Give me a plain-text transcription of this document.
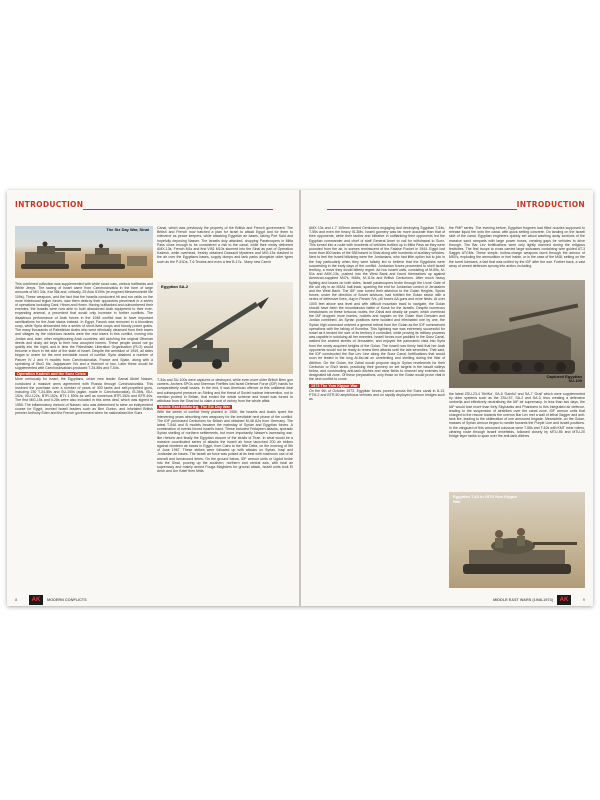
INTRODUCTION
The Six Day War, Sinai

This combined collection was supplemented with white scout cars, various halftracks and White Jeeps. The saving of Israel came from Czechoslovakia in the form of large amounts of MG 34s, Kar 98k and, critically, 25 Avia S199s (re-engined Messerschmitt Me 109s). These weapons, and the fact that the Israelis conducted hit and run raids on the more hidebound legion forces, saw them destroy their opponents piecemeal in a series of operations including Dani, Hiram and Horev. Having outflanked and outnumbered their enemies, the Israelis were now able to hold abandoned Arab equipment to their ever-expanding arsenal, a precedent that would only increase in further conflicts. The disastrous performance of Arab forces in the 1948 conflict was to have important ramifications for the Arab status instead. In Egypt, Farouk was removed in a bloodless coup, while Syria descended into a series of short-lived coups and bloody power grabs. The many thousands of Palestinian Arabs who were ethnically cleansed from their towns and villages by the victorious Israelis were the real losers in this conflict, moving into Jordan and, later, other neighbouring Arab countries, still clutching the original Ottoman deeds and dusty old keys to their now occupied homes. These people would not go quietly into the night, and in time the Palestinian Liberation Organisation (PLO) would become a thorn in the side of the state of Israel. Despite the armistice of 1949, all sides began to rearm for the next inevitable round of conflict. Syria obtained a number of Panzer IV J and H models from Czechoslovakia, France and Spain, along with a sprinkling of StuG IIIs, Jagdpanzer IVs and a Hummel or two. Later these would be supplemented with Czechoslovakian-produced T-34-85s and T-54s.

Operation Kadesh and the Suez Crisis

More ominously for Israel, the Egyptians, under new leader Gamal Abdel Nasser, concluded a massive arms agreement with Russia through Czechoslovakia. This involved the purchase over a number of years of 300 tanks and self-propelled guns, including 230 T-34-85s and SU-100s (again, made in Czechoslovakia), IS-3Ms, ISU-152s, ISU-122s, BTR-152s, BTY-1 800s as well as numerous BTR-152s and BTR-40s. The first MiG-15s and Il-28s were also included in this arms deal, which was signed in 1955. The inflammatory rhetoric of Nasser, who was determined to steer an independent course for Egypt, worried Israeli leaders such as Ben Gurion, and infuriated British premier Anthony Eden and the French government when he nationalised the Suez

Canal, which was previously the property of the British and French government. The British and French now hatched a plan for Israel to attack Egypt and for them to intervene as peace keepers, while attacking Egyptian air bases, taking Port Said and hopefully deposing Nasser. The Israelis duly attacked, dropping Paratroopers in Mitla Pass close enough to be considered a risk to the canal, while their newly delivered AMX-13s, French M1s and first VI51 M10s stormed into the Sinai as part of Operation Kadesh, while overhead, freshly obtained Dassault Mysteres and MiG-15s clashed in the air over the Egyptians bases, supply dumps and tank parks alongside older types such as the P-51Ds, T-6 Texans and even a few B-17s.. Many new Czech

Egyptian SA-2

T-34s and SU-100s were captured or destroyed, while even more older British Bren gun carriers, Archers SPGs and Sherman Fireflies lost Israel Defence Force (IDF) hands for comparatively small losses. In the end, it was American offence at this unilateral deal and subsequent pressure on Stirling and the threat of Soviet nuclear intervention, not to mention protest in Britain, that ended the whole scheme and Israel was forced to withdraw from the Sinai but to claim a sort of victory from the whole affair.

Middle East Blitzkrieg, The Six Day War

With the seeds of conflict firmly planted in 1956, the Israelis and Arabs spent the intervening years absorbing new weaponry for the inevitable next phase of the conflict. The IDF purchased Centurions for Britain and obtained M-48 A2s from Germany. The latest T-54A and B models became the mainstay of Syrian and Egyptian forces. A combination of events forced Israel's hand. These included Fedayeen attacks, sporadic Syrian shelling of northern settlements, but more importantly Nasser's increasing war-like rhetoric and finally the Egyptian closure of the straits of Tiran. In what would be a massive coordinated series of attacks the Israeli air force launched 200 air strikes against nineteen air bases in Egypt, from Cairo to the Nile Delta, on the morning of 5th of June 1967. These strikes were followed up with attacks on Syrian, Iraqi and Jordanian air bases. The Israeli air force was poised at its best with maximum use of all aircraft and turnaround times. On the ground below, IDF armour units or Ugdot broke into the Sinai, pouring up the southern, northern and central axis, with total air supremacy and mainly armed Fouga Magisters for ground attack, Israeli units took El Arish and Um Katef then Mitla.

8	AK	MODERN CONFLICTS
INTRODUCTION

AMX 13s and L 7 105mm armed Centurions engaging and destroying Egyptian T-54s, T-55s and even the heavy IS-3Ms. Israeli gunnery was far more accurate than that of their opponents, while their tactics and initiative in outflanking their opponents led the Egyptian commander and chief of staff General Amer to call for withdrawal to Suez. This turned into a route with hundreds of vehicles bottled up in Mitla Pass as they were pounded from the air, in scenes reminiscent of the Falaise Pocket in 1944. Egypt lost more than 800 tanks of the 938 based in Sinai along with hundreds of auxiliary vehicles. Next to feel the Israeli blitzkrieg were the Jordanians, who had little option but to join in the fray particularly when they were falsely led to believe that the Egyptians were succeeding in the early days of the conflict. Jordanian forces proceeded to shell Israeli territory, a move they would bitterly regret. Ad hoc Israeli units, consisting of M-50s, M-51s and AMX-13s, pushed into the West Bank and found themselves up against American-supplied M47s, M48s, M-113s and British Centurions. After much heavy fighting and losses on both sides, Israeli paratroopers broke through the Lions' Gate of the old city in an M3A1 half-track, sparking the end for Jordanian control of Jerusalem and the West Bank. The IDF now turned their attention to the Golan Heights, Syrian forces, under the direction of Soviet advisors, had fortified the Golan sector with a series of defensive lines, dug in Panzer IVs, pill boxes AA guns and mine fields. At over 1000 feet above sea level and with difficult mountain track to navigate, the Golan should have been the mountainous battle of Kursk for the Israelis. Despite numerous breakdowns on these tortuous routes, the Zahal and deadly air power, which overhead the IAF dropped more bombs, rockets and napalm on the Golan than Dresden and Jordan combined. As Syrian positions were isolated and eliminated one by one, the Syrian high command ordered a general retreat from the Golan as the IDF commenced operations with the taking of Kuneitra. This lightning war was extremely successful for Israel as it tended the size of its territory it controlled, while proving its military prowess was capable in subduing all her enemies. Israeli forces now paddled in the Suez Canal, walked the ancient streets of Jerusalem, and enjoyed the panoramic vista into Syria from the newly acquired heights of the Golan. The Israeli now firmly held that her Arab opponents would not be ready to renew their attacks until the late seventies. That said, the IDF constructed the Bar Lev Line along the Suez Canal, fortifications that would soon be tested in the long Al-Ibo-tat on unrelenting and shelling during the War of Attrition. On the Golan, the Zahal would propose dug-in Syrian revetments for their Centurion or Sho't tanks, practicing their gunnery on set targets in the basalt valleys below, and constructing anti-tank ditches and mine fields to channel any enemies into designated kill zone. Of these preparations, only those on the Golan would prove vital in the next conflict to come.

1973 The Yom Kippur War

On the 6th of October 1973, Egyptian forces poured across the Suez canal in 8-13, PTM-2 and BTR-50 amphibious vehicles and on rapidly deployed pontoon bridges such as

the PMP series. The evening before, Egyptian frogmen had filled nozzles supposed to release liquid fire onto the canal, with quick setting concrete. On landing on the Israeli side of the canal, Egyptian engineers quickly set about washing away sections of the massive sand ramparts with large power hoses, creating gaps for vehicles to drive through. The Bar Lev fortifications were only lightly manned during the religious festivities. The first troops to cross carried large suitcases containing wire guided AT-3 Sagger ATGMs. These simple, hollow-charge weapons burnt through the armour of M60's, exploding the ammunition or fuel inside, or in the case of the M48, setting on fire the turret lubricant, a fact that was unified by the IDF after the war. Further back, a vast array of armed defences sprung into action, including

Captured Egyptian SU-100

the latest ZSU-23-4 'ShilKa', SA-6 'Gainful' and SA-7 'Grail' which were supplemented by older systems such as the ZSU-57, SA-2 and SA-3, thus creating a defensive umbrella and effectively neutralising the IAF air supremacy. In less than two days, the IAF would lose more than forty Skyhawks and Phantoms to this integrated air defence, leading to the suspension of airstrikes over the canal zone. IDF armour units that charged to the rescue towards the overrun Bar Lev met a wall of lethal Sagger and anti-tank fire, leading to the obliteration of one armoured brigade. Meanwhile, on the Golan, masses of Syrian armour began to rumble towards the Purple Line and Israeli positions. In the vanguard of this armoured colossus were T-55s and T-62s with KMT mine rollers, clearing route through Israeli minefields, followed closely by MTU-55 and MTU-20 bridge layer tanks to span over the anti-tank ditches

Egyptian T-62 in 1973 Yom Kippur War
MIDDLE EAST WARS (1948-1973)	AK	9
